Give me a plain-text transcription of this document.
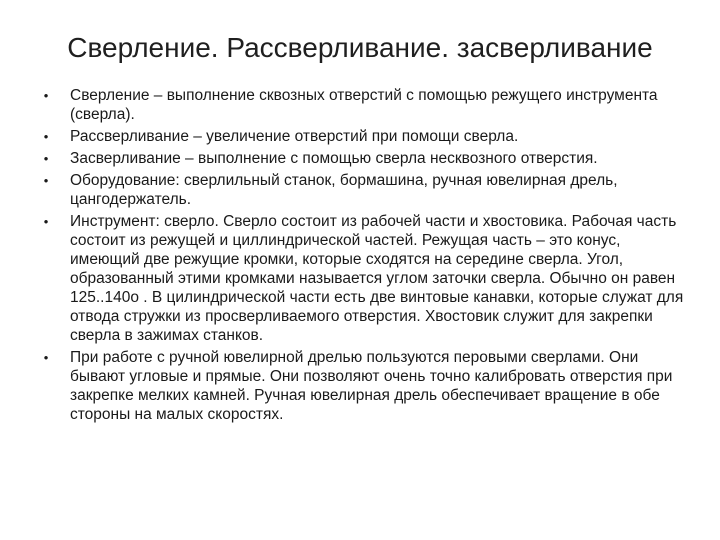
Сверление. Рассверливание. засверливание
• Сверление – выполнение сквозных отверстий с помощью режущего инструмента (сверла).
• Рассверливание – увеличение отверстий при помощи сверла.
• Засверливание – выполнение с помощью сверла несквозного отверстия.
• Оборудование: сверлильный станок, бормашина, ручная ювелирная дрель, цангодержатель.
• Инструмент: сверло. Сверло состоит из рабочей части и хвостовика. Рабочая часть состоит из режущей и циллиндрической частей. Режущая часть – это конус, имеющий две режущие кромки, которые сходятся на середине сверла. Угол, образованный этими кромками называется углом заточки сверла. Обычно он равен 125..140о . В цилиндрической части есть две винтовые канавки, которые служат для отвода стружки из просверливаемого отверстия. Хвостовик служит для закрепки сверла в зажимах станков.
• При работе с ручной ювелирной дрелью пользуются перовыми сверлами. Они бывают угловые и прямые. Они позволяют очень точно калибровать отверстия при закрепке мелких камней. Ручная ювелирная дрель обеспечивает вращение в обе стороны на малых скоростях.
